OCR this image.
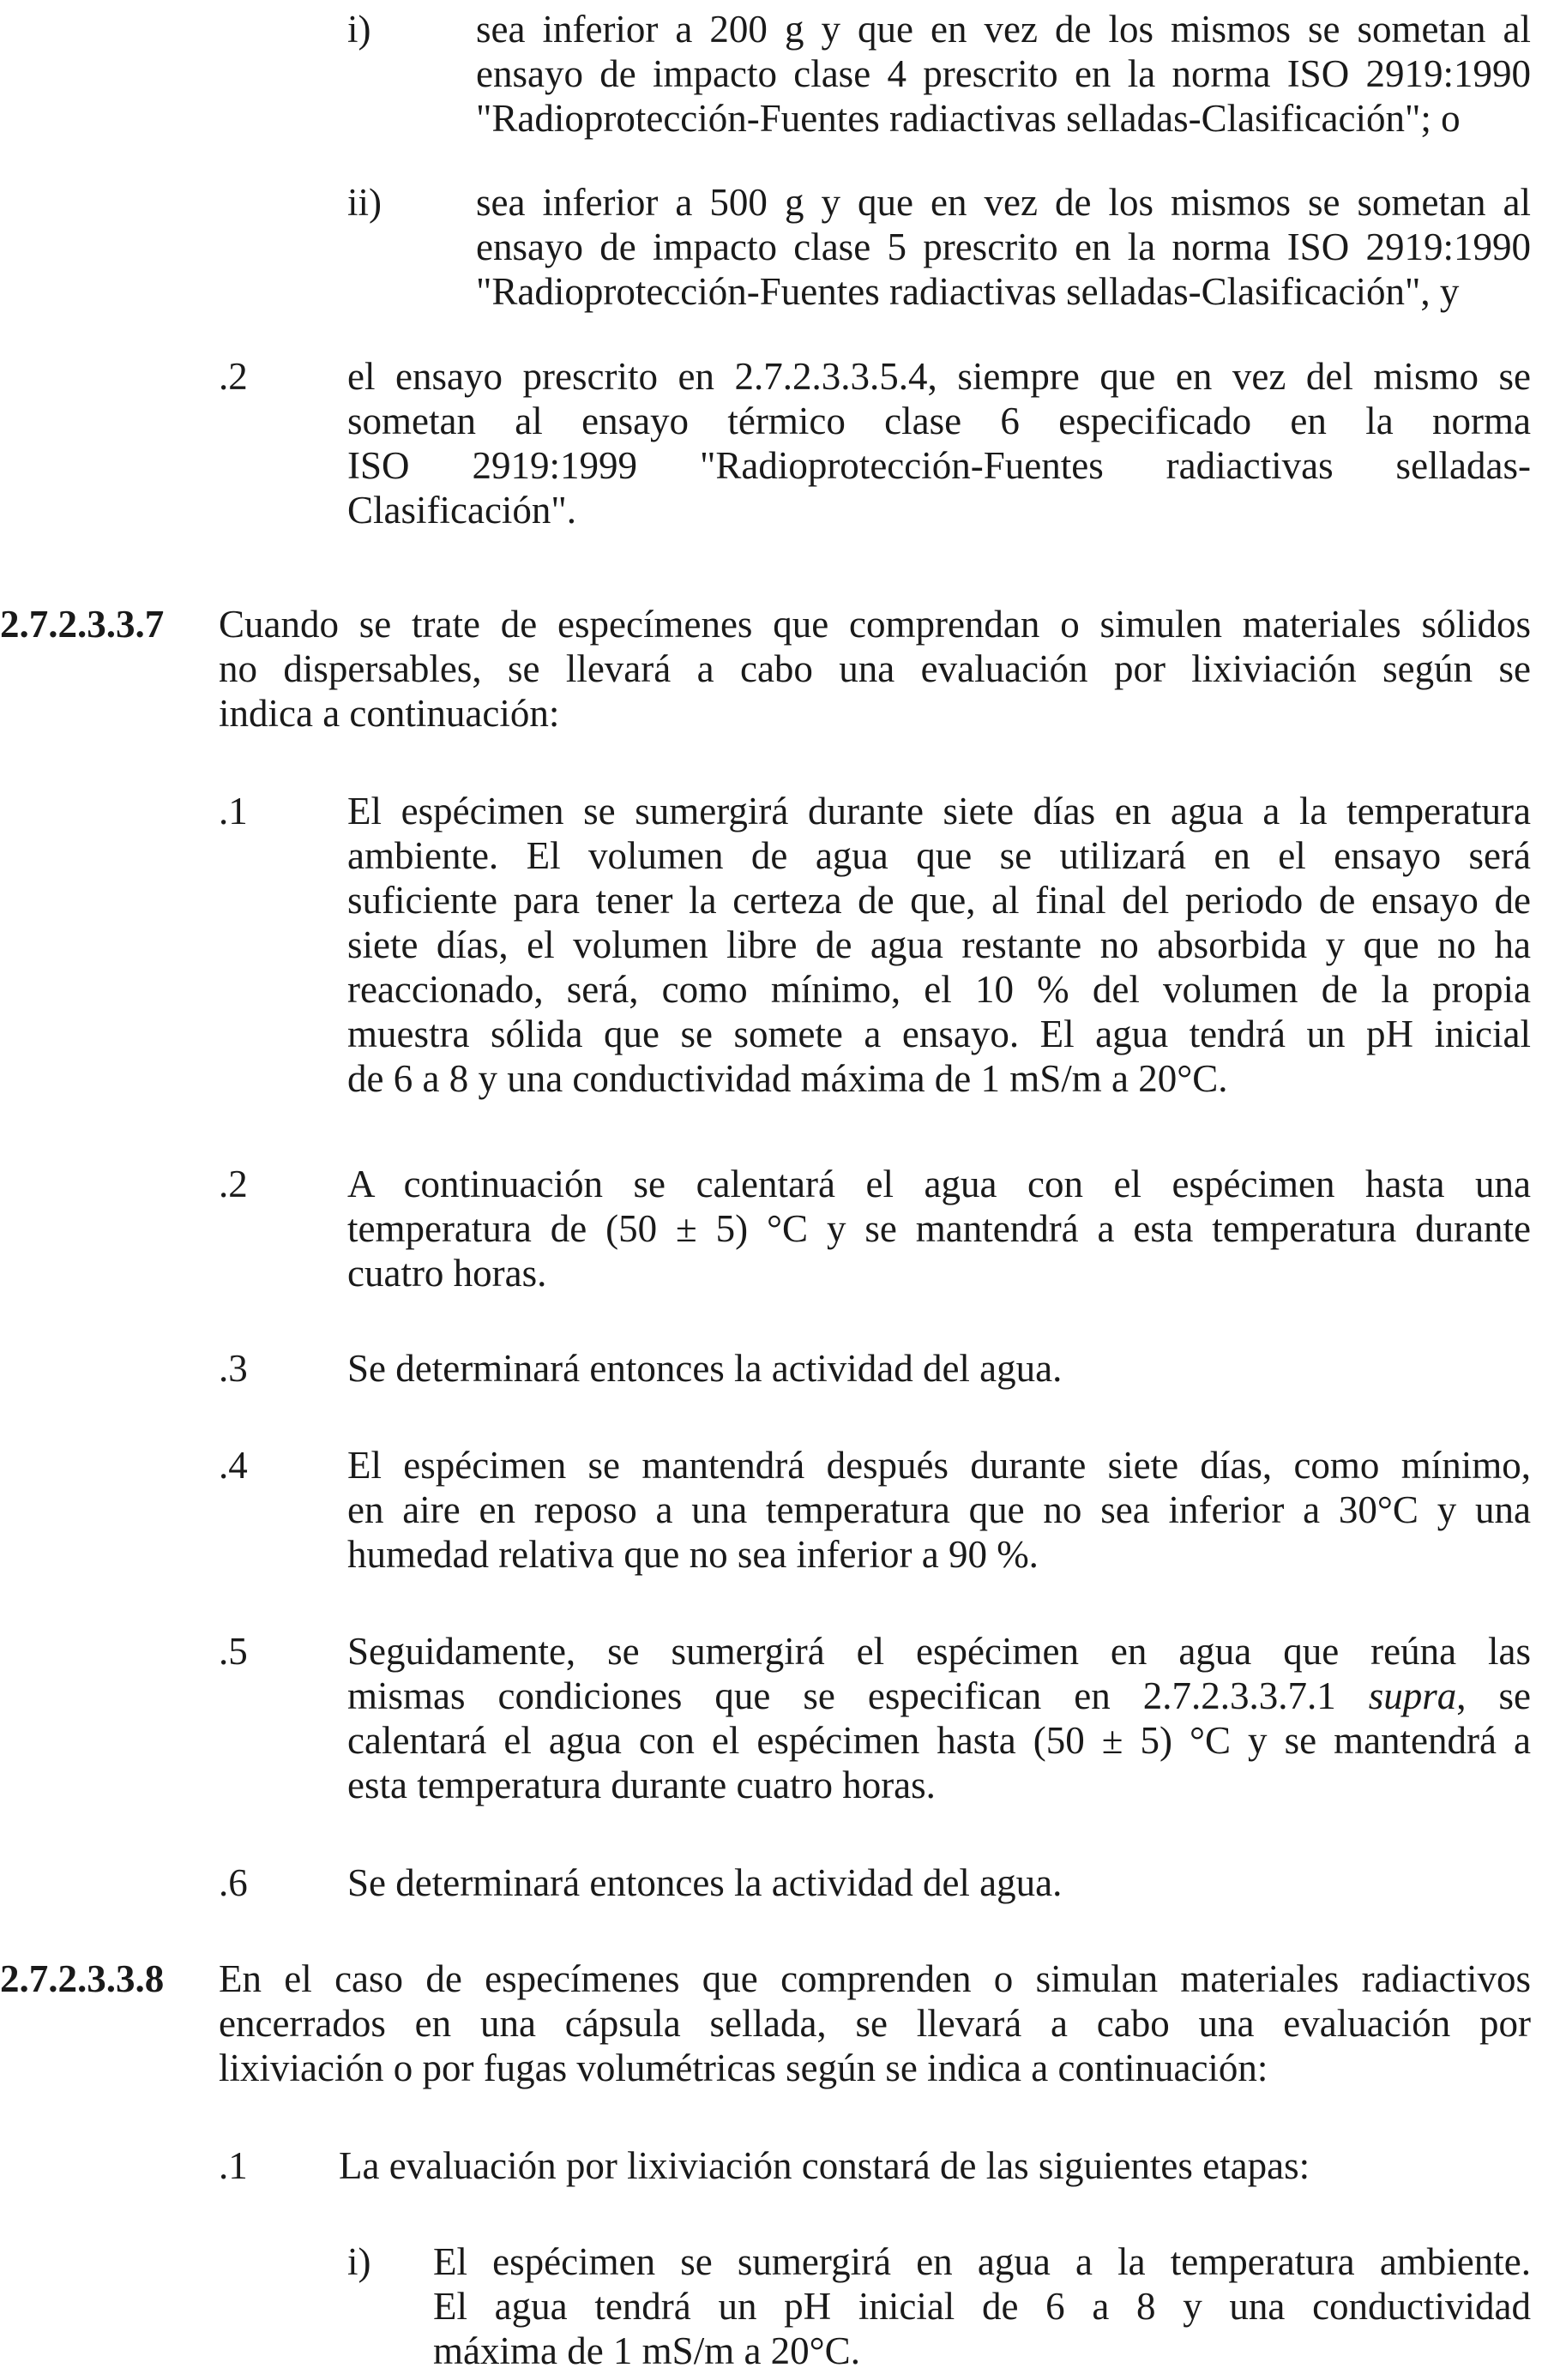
i)	sea inferior a 200 g y que en vez de los mismos se sometan al
ensayo de impacto clase 4 prescrito en la norma ISO 2919:1990
"Radioprotección-Fuentes radiactivas selladas-Clasificación"; o
ii) sea inferior a 500 g y que en vez de los mismos se sometan al
ensayo de impacto clase 5 prescrito en la norma ISO 2919:1990
"Radioprotección-Fuentes radiactivas selladas-Clasificación", y
.2	el ensayo prescrito en 2.7.2.3.3.5.4, siempre que en vez del mismo se
sometan al ensayo térmico clase 6 especificado en la norma
ISO 2919:1999 "Radioprotección-Fuentes radiactivas selladas-
Clasificación".
2.7.2.3.3.7 Cuando se trate de especímenes que comprendan o simulen materiales sólidos
no dispersables, se llevará a cabo una evaluación por lixiviación según se
indica a continuación:
.1	El espécimen se sumergirá durante siete días en agua a la temperatura
ambiente. El volumen de agua que se utilizará en el ensayo será
suficiente para tener la certeza de que, al final del periodo de ensayo de
siete días, el volumen libre de agua restante no absorbida y que no ha
reaccionado, será, como mínimo, el 10 % del volumen de la propia
muestra sólida que se somete a ensayo. El agua tendrá un pH inicial
de 6 a 8 y una conductividad máxima de 1 mS/m a 20°C.
.2	A continuación se calentará el agua con el espécimen hasta una
temperatura de (50 ± 5) °C y se mantendrá a esta temperatura durante
cuatro horas.
.3	Se determinará entonces la actividad del agua.
.4	El espécimen se mantendrá después durante siete días, como mínimo,
en aire en reposo a una temperatura que no sea inferior a 30°C y una
humedad relativa que no sea inferior a 90 %.
.5	Seguidamente, se sumergirá el espécimen en agua que reúna las
mismas condiciones que se especifican en 2.7.2.3.3.7.1 supra, se
calentará el agua con el espécimen hasta (50 ± 5) °C y se mantendrá a
esta temperatura durante cuatro horas.
.6	Se determinará entonces la actividad del agua.
2.7.2.3.3.8 En el caso de especímenes que comprenden o simulan materiales radiactivos
encerrados en una cápsula sellada, se llevará a cabo una evaluación por
lixiviación o por fugas volumétricas según se indica a continuación:
.1 La evaluación por lixiviación constará de las siguientes etapas:
i) El espécimen se sumergirá en agua a la temperatura ambiente.
El agua tendrá un pH inicial de 6 a 8 y una conductividad
máxima de 1 mS/m a 20°C.
